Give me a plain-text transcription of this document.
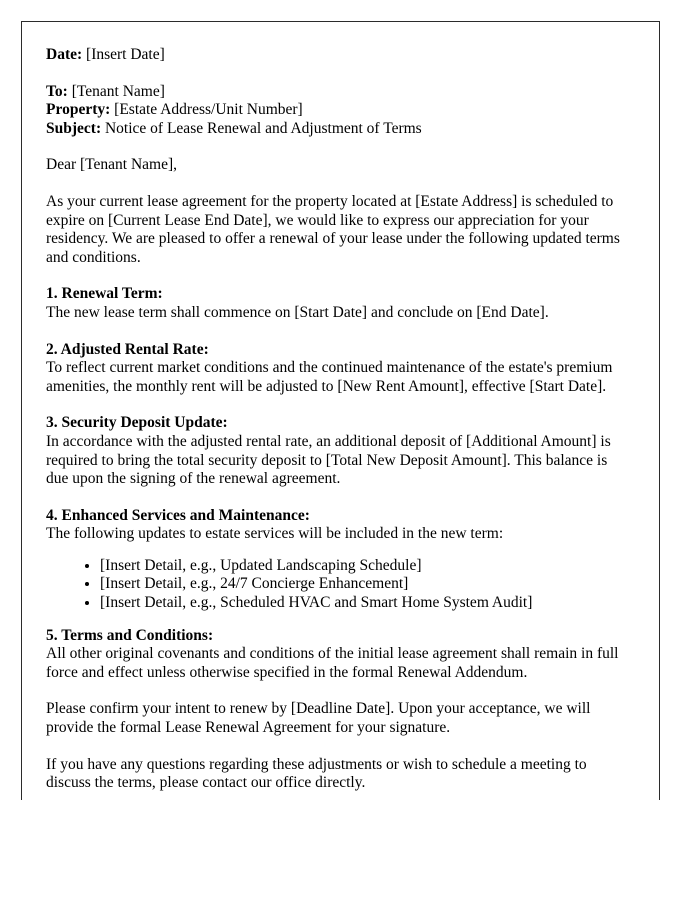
Date: [Insert Date]
To: [Tenant Name]
Property: [Estate Address/Unit Number]
Subject: Notice of Lease Renewal and Adjustment of Terms

Dear [Tenant Name],

As your current lease agreement for the property located at [Estate Address] is scheduled to expire on [Current Lease End Date], we would like to express our appreciation for your residency. We are pleased to offer a renewal of your lease under the following updated terms and conditions.

1. Renewal Term:

The new lease term shall commence on [Start Date] and conclude on [End Date].

2. Adjusted Rental Rate:

To reflect current market conditions and the continued maintenance of the estate's premium amenities, the monthly rent will be adjusted to [New Rent Amount], effective [Start Date].

3. Security Deposit Update:

In accordance with the adjusted rental rate, an additional deposit of [Additional Amount] is required to bring the total security deposit to [Total New Deposit Amount]. This balance is due upon the signing of the renewal agreement.

4. Enhanced Services and Maintenance:

The following updates to estate services will be included in the new term:

• [Insert Detail, e.g., Updated Landscaping Schedule]
• [Insert Detail, e.g., 24/7 Concierge Enhancement]
• [Insert Detail, e.g., Scheduled HVAC and Smart Home System Audit]

5. Terms and Conditions:

All other original covenants and conditions of the initial lease agreement shall remain in full force and effect unless otherwise specified in the formal Renewal Addendum.

Please confirm your intent to renew by [Deadline Date]. Upon your acceptance, we will provide the formal Lease Renewal Agreement for your signature.

If you have any questions regarding these adjustments or wish to schedule a meeting to discuss the terms, please contact our office directly.
